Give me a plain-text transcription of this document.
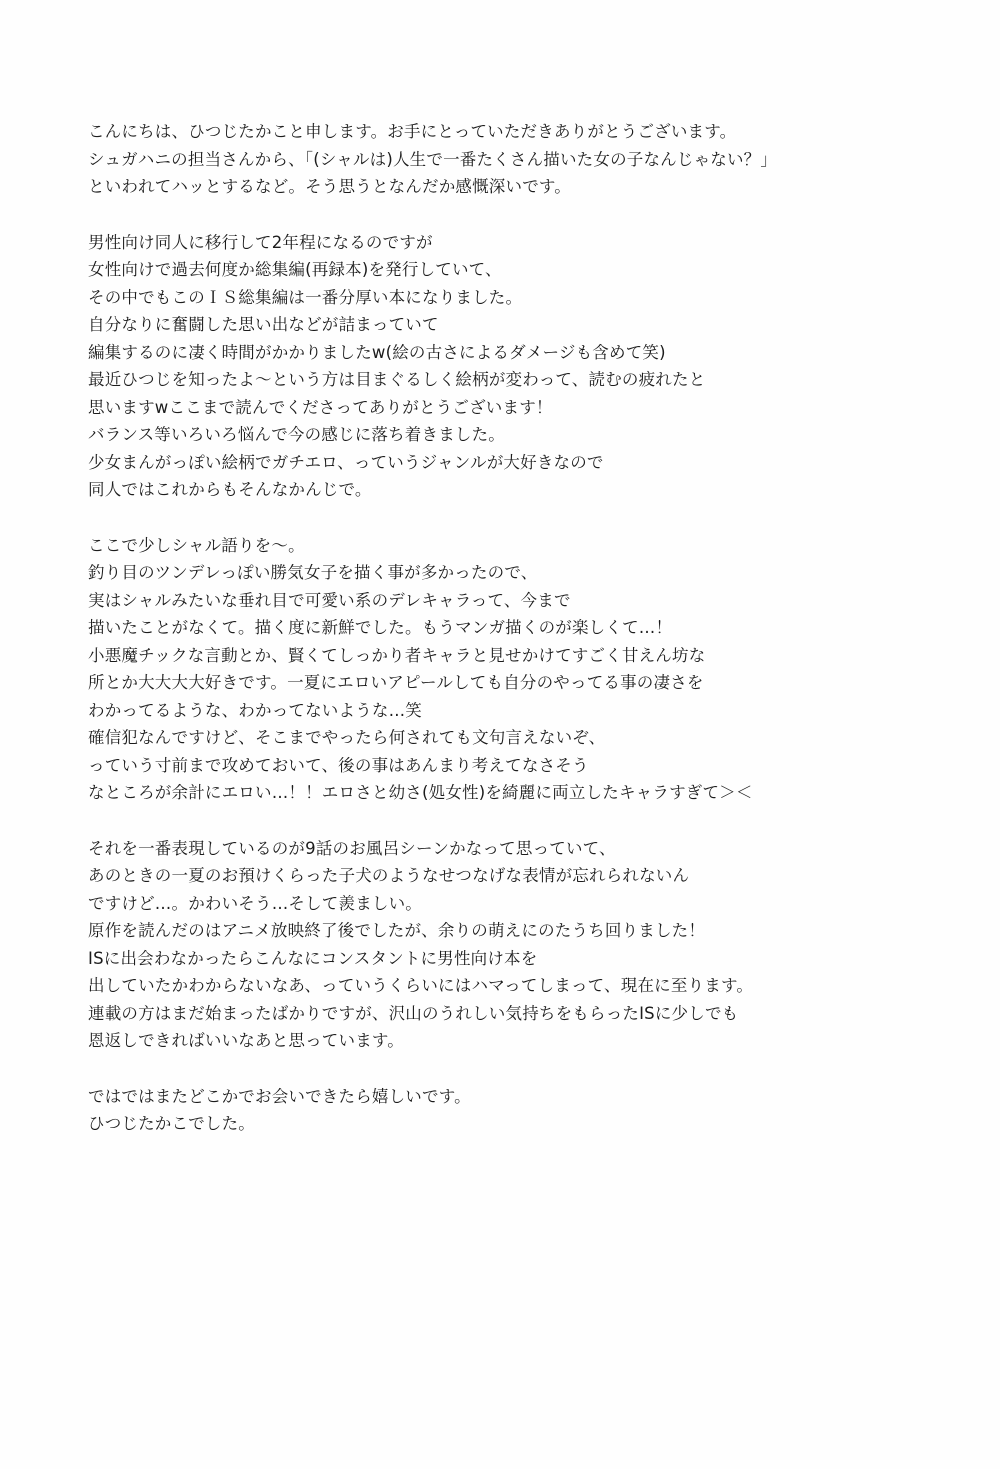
こんにちは、ひつじたかこと申します。お手にとっていただきありがとうございます。
シュガハニの担当さんから、「(シャルは)人生で一番たくさん描いた女の子なんじゃない？」
といわれてハッとするなど。そう思うとなんだか感慨深いです。
男性向け同人に移行して2年程になるのですが
女性向けで過去何度か総集編(再録本)を発行していて、
その中でもこのＩＳ総集編は一番分厚い本になりました。
自分なりに奮闘した思い出などが詰まっていて
編集するのに凄く時間がかかりましたw(絵の古さによるダメージも含めて笑)
最近ひつじを知ったよ〜という方は目まぐるしく絵柄が変わって、読むの疲れたと
思いますwここまで読んでくださってありがとうございます！
バランス等いろいろ悩んで今の感じに落ち着きました。
少女まんがっぽい絵柄でガチエロ、っていうジャンルが大好きなので
同人ではこれからもそんなかんじで。
ここで少しシャル語りを〜。
釣り目のツンデレっぽい勝気女子を描く事が多かったので、
実はシャルみたいな垂れ目で可愛い系のデレキャラって、今まで
描いたことがなくて。描く度に新鮮でした。もうマンガ描くのが楽しくて…！
小悪魔チックな言動とか、賢くてしっかり者キャラと見せかけてすごく甘えん坊な
所とか大大大大好きです。一夏にエロいアピールしても自分のやってる事の凄さを
わかってるような、わかってないような…笑
確信犯なんですけど、そこまでやったら何されても文句言えないぞ、
っていう寸前まで攻めておいて、後の事はあんまり考えてなさそう
なところが余計にエロい…！！エロさと幼さ(処女性)を綺麗に両立したキャラすぎて＞＜
それを一番表現しているのが9話のお風呂シーンかなって思っていて、
あのときの一夏のお預けくらった子犬のようなせつなげな表情が忘れられないん
ですけど…。かわいそう…そして羨ましい。
原作を読んだのはアニメ放映終了後でしたが、余りの萌えにのたうち回りました！
ISに出会わなかったらこんなにコンスタントに男性向け本を
出していたかわからないなあ、っていうくらいにはハマってしまって、現在に至ります。
連載の方はまだ始まったばかりですが、沢山のうれしい気持ちをもらったISに少しでも
恩返しできればいいなあと思っています。
ではではまたどこかでお会いできたら嬉しいです。
ひつじたかこでした。
